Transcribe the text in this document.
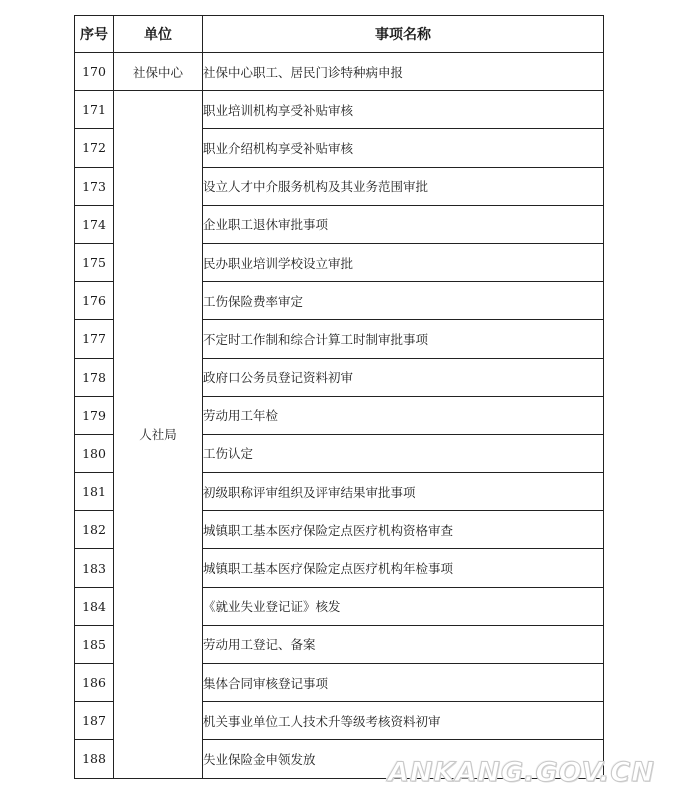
序号	单位	事项名称
170	社保中心	社保中心职工、居民门诊特种病申报
171	人社局	职业培训机构享受补贴审核
172		职业介绍机构享受补贴审核
173		设立人才中介服务机构及其业务范围审批
174		企业职工退休审批事项
175		民办职业培训学校设立审批
176		工伤保险费率审定
177		不定时工作制和综合计算工时制审批事项
178		政府口公务员登记资料初审
179		劳动用工年检
180		工伤认定
181		初级职称评审组织及评审结果审批事项
182		城镇职工基本医疗保险定点医疗机构资格审查
183		城镇职工基本医疗保险定点医疗机构年检事项
184		《就业失业登记证》核发
185		劳动用工登记、备案
186		集体合同审核登记事项
187		机关事业单位工人技术升等级考核资料初审
188		失业保险金申领发放	ANKANG.GOV.CN
